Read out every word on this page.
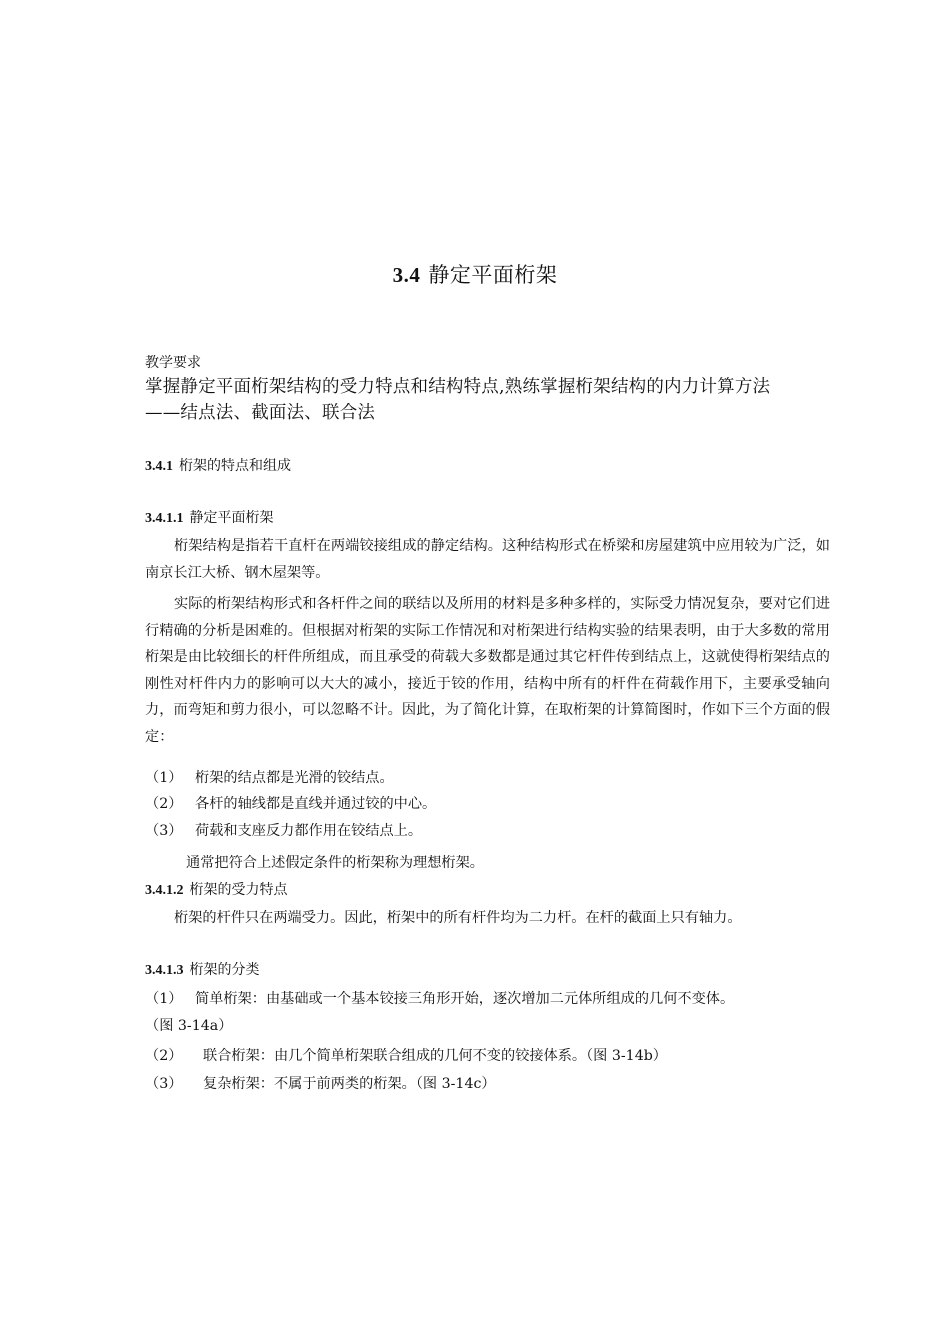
3.4 静定平面桁架
教学要求
掌握静定平面桁架结构的受力特点和结构特点,熟练掌握桁架结构的内力计算方法
——结点法、截面法、联合法
3.4.1 桁架的特点和组成
3.4.1.1 静定平面桁架
桁架结构是指若干直杆在两端铰接组成的静定结构。这种结构形式在桥梁和房屋建筑中应用较为广泛，如南京长江大桥、钢木屋架等。
实际的桁架结构形式和各杆件之间的联结以及所用的材料是多种多样的，实际受力情况复杂，要对它们进行精确的分析是困难的。但根据对桁架的实际工作情况和对桁架进行结构实验的结果表明，由于大多数的常用桁架是由比较细长的杆件所组成，而且承受的荷载大多数都是通过其它杆件传到结点上，这就使得桁架结点的刚性对杆件内力的影响可以大大的减小，接近于铰的作用，结构中所有的杆件在荷载作用下，主要承受轴向力，而弯矩和剪力很小，可以忽略不计。因此，为了简化计算，在取桁架的计算简图时，作如下三个方面的假定：
（1） 桁架的结点都是光滑的铰结点。
（2） 各杆的轴线都是直线并通过铰的中心。
（3） 荷载和支座反力都作用在铰结点上。
通常把符合上述假定条件的桁架称为理想桁架。
3.4.1.2 桁架的受力特点
桁架的杆件只在两端受力。因此，桁架中的所有杆件均为二力杆。在杆的截面上只有轴力。
3.4.1.3 桁架的分类
（1） 简单桁架：由基础或一个基本铰接三角形开始，逐次增加二元体所组成的几何不变体。
（图 3-14a）
（2） 联合桁架：由几个简单桁架联合组成的几何不变的铰接体系。（图 3-14b）
（3） 复杂桁架：不属于前两类的桁架。（图 3-14c）
